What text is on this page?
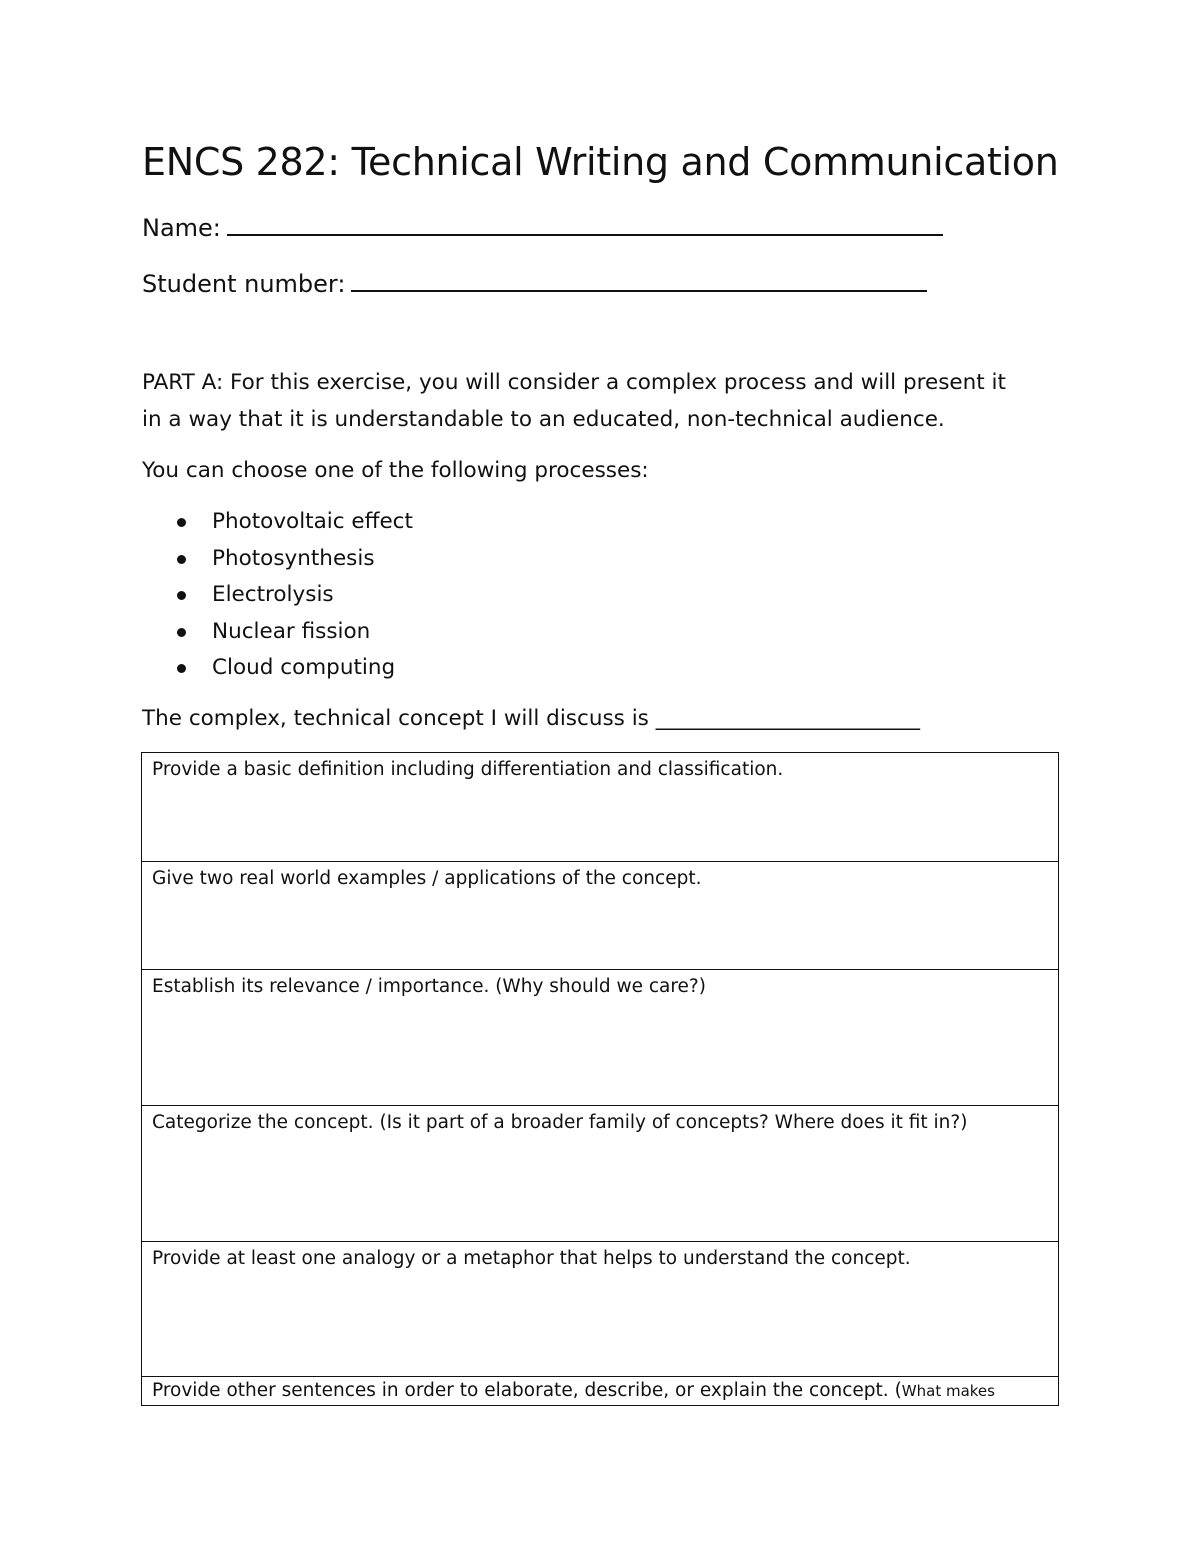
ENCS 282: Technical Writing and Communication
Name:
Student number:

PART A: For this exercise, you will consider a complex process and will present it
in a way that it is understandable to an educated, non-technical audience.

You can choose one of the following processes:

Photovoltaic effect
Photosynthesis
Electrolysis
Nuclear fission
Cloud computing
The complex, technical concept I will discuss is ___________________________
Provide a basic definition including differentiation and classification.
Give two real world examples / applications of the concept.
Establish its relevance / importance. (Why should we care?)
Categorize the concept. (Is it part of a broader family of concepts? Where does it fit in?)
Provide at least one analogy or a metaphor that helps to understand the concept.
Provide other sentences in order to elaborate, describe, or explain the concept. (What makes
